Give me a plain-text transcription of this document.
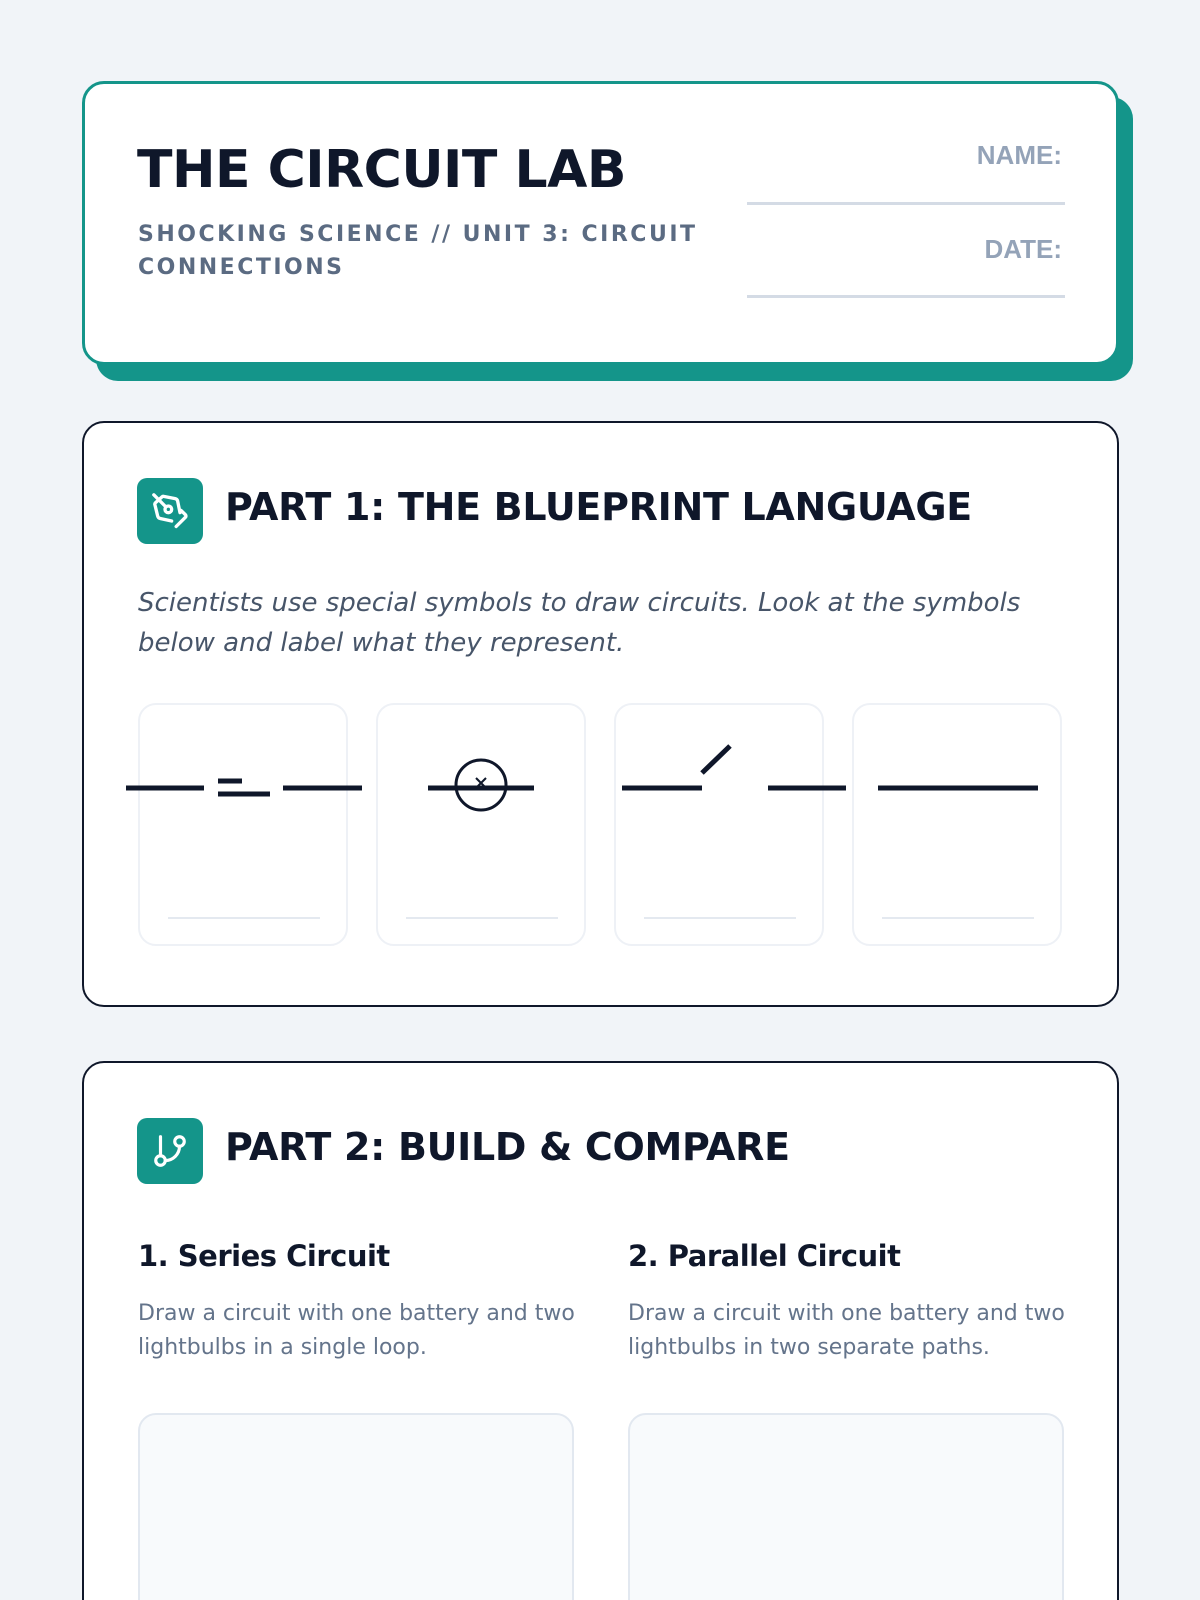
THE CIRCUIT LAB
SHOCKING SCIENCE // UNIT 3: CIRCUIT CONNECTIONS
NAME:
DATE:
PART 1: THE BLUEPRINT LANGUAGE

Scientists use special symbols to draw circuits. Look at the symbols below and label what they represent.

PART 2: BUILD & COMPARE
1. Series Circuit

Draw a circuit with one battery and two lightbulbs in a single loop.

2. Parallel Circuit

Draw a circuit with one battery and two lightbulbs in two separate paths.
